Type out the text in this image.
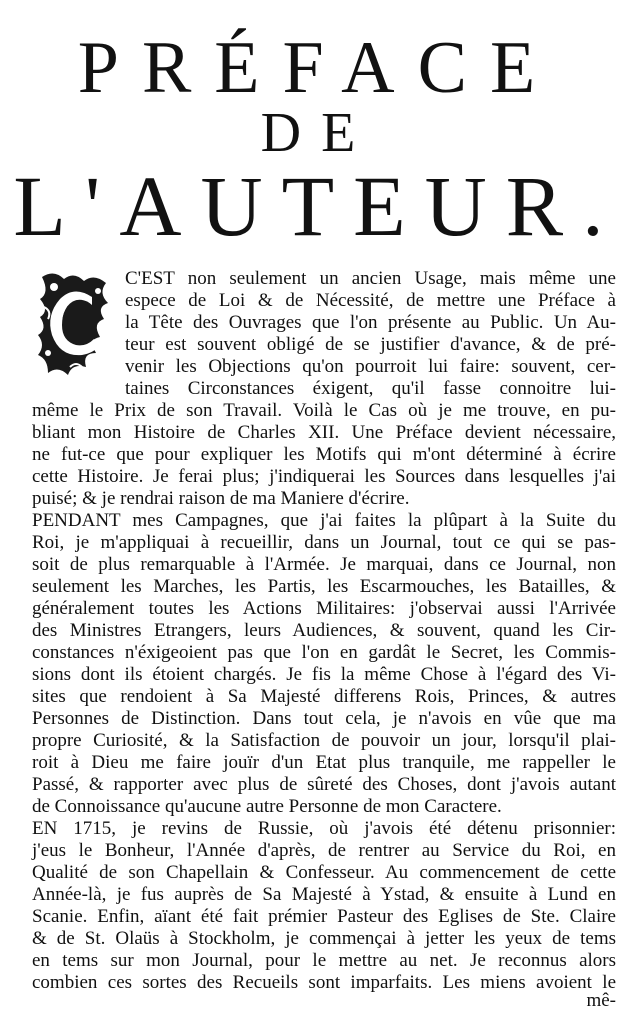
PRÉFACE
DE
L'AUTEUR.
C'EST non seulement un ancien Usage, mais même une
espece de Loi & de Nécessité, de mettre une Préface à
la Tête des Ouvrages que l'on présente au Public. Un Au-
teur est souvent obligé de se justifier d'avance, & de pré-
venir les Objections qu'on pourroit lui faire: souvent, cer-
taines Circonstances éxigent, qu'il fasse connoitre lui-
même le Prix de son Travail. Voilà le Cas où je me trouve, en pu-
bliant mon Histoire de Charles XII. Une Préface devient nécessaire,
ne fut-ce que pour expliquer les Motifs qui m'ont déterminé à écrire
cette Histoire. Je ferai plus; j'indiquerai les Sources dans lesquelles j'ai
puisé; & je rendrai raison de ma Maniere d'écrire.
PENDANT mes Campagnes, que j'ai faites la plûpart à la Suite du
Roi, je m'appliquai à recueillir, dans un Journal, tout ce qui se pas-
soit de plus remarquable à l'Armée. Je marquai, dans ce Journal, non
seulement les Marches, les Partis, les Escarmouches, les Batailles, &
généralement toutes les Actions Militaires: j'observai aussi l'Arrivée
des Ministres Etrangers, leurs Audiences, & souvent, quand les Cir-
constances n'éxigeoient pas que l'on en gardât le Secret, les Commis-
sions dont ils étoient chargés. Je fis la même Chose à l'égard des Vi-
sites que rendoient à Sa Majesté differens Rois, Princes, & autres
Personnes de Distinction. Dans tout cela, je n'avois en vûe que ma
propre Curiosité, & la Satisfaction de pouvoir un jour, lorsqu'il plai-
roit à Dieu me faire jouïr d'un Etat plus tranquile, me rappeller le
Passé, & rapporter avec plus de sûreté des Choses, dont j'avois autant
de Connoissance qu'aucune autre Personne de mon Caractere.
EN 1715, je revins de Russie, où j'avois été détenu prisonnier:
j'eus le Bonheur, l'Année d'après, de rentrer au Service du Roi, en
Qualité de son Chapellain & Confesseur. Au commencement de cette
Année-là, je fus auprès de Sa Majesté à Ystad, & ensuite à Lund en
Scanie. Enfin, aïant été fait prémier Pasteur des Eglises de Ste. Claire
& de St. Olaüs à Stockholm, je commençai à jetter les yeux de tems
en tems sur mon Journal, pour le mettre au net. Je reconnus alors
combien ces sortes des Recueils sont imparfaits. Les miens avoient le
mê-
